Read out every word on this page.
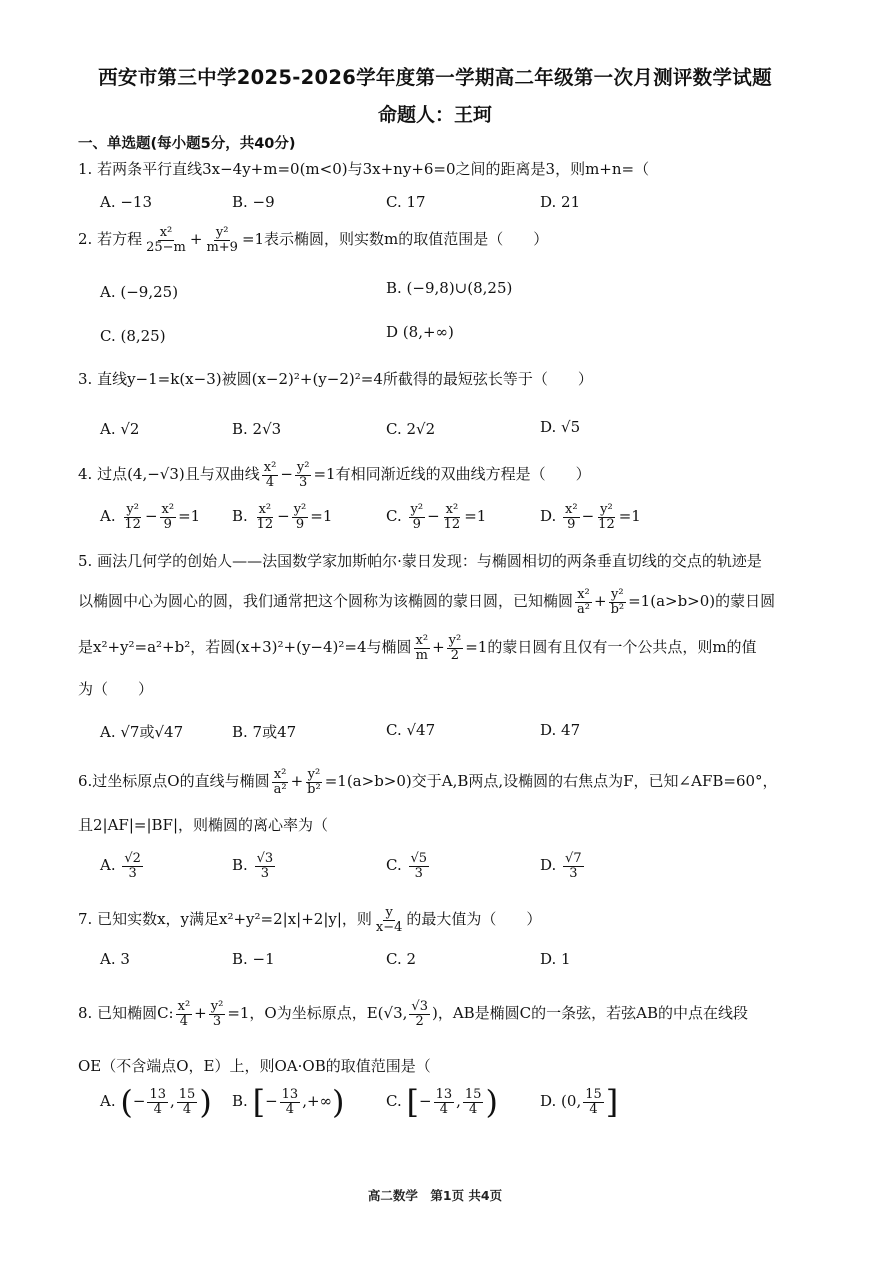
西安市第三中学2025-2026学年度第一学期高二年级第一次月测评数学试题
命题人：王珂
一、单选题(每小题5分，共40分)
1. 若两条平行直线3x−4y+m=0(m<0)与3x+ny+6=0之间的距离是3，则m+n=（
A. −13	B. −9	C. 17	D. 21
2. 若方程 $\frac{\text{x²}}{25-m} + \frac{\text{y²}}{m+9} =1$表示椭圆，则实数m的取值范围是（　　）
A. (−9,25)	B. (−9,8)∪(8,25)
C. (8,25)	D (8,+∞)
3. 直线y−1=k(x−3)被圆(x−2)²+(y−2)²=4所截得的最短弦长等于（　　）
A. √2	B. 2√3	C. 2√2	D. √5
4. 过点(4,−√3)且与双曲线 $\frac{\text{x²}}{4} - \frac{\text{y²}}{3} =1$有相同渐近线的双曲线方程是（　　）
A. $\frac{\text{y²}}{12} - \frac{\text{x²}}{9} =1$ B. $\frac{\text{x²}}{12} - \frac{\text{y²}}{9} =1$	C. $\frac{\text{y²}}{9} - \frac{\text{x²}}{12} =1$	D. $\frac{\text{x²}}{9} - \frac{\text{y²}}{12} =1$
5. 画法几何学的创始人——法国数学家加斯帕尔·蒙日发现：与椭圆相切的两条垂直切线的交点的轨迹是
以椭圆中心为圆心的圆，我们通常把这个圆称为该椭圆的蒙日圆，已知椭圆 $\frac{\text{x²}}{\text{a²}} + \frac{\text{y²}}{\text{b²}} =1(a>b>0)$的蒙日圆
是x²+y²=a²+b²，若圆(x+3)²+(y−4)²=4与椭圆 $\frac{\text{x²}}{m} + \frac{\text{y²}}{2} =1$的蒙日圆有且仅有一个公共点，则m的值
为（　　）
A. √7或√47	B. 7或47	C. √47	D. 47
6.过坐标原点O的直线与椭圆 $\frac{\text{x²}}{\text{a²}} + \frac{\text{y²}}{\text{b²}} =1(a>b>0)$交于A,B两点,设椭圆的右焦点为F，已知∠AFB=60°，
且2|AF|=|BF|，则椭圆的离心率为（
A. $\frac{√2}{3}$	B. $\frac{√3}{3}$	C. $\frac{√5}{3}$	D. $\frac{√7}{3}$
7. 已知实数x，y满足x²+y²=2|x|+2|y|，则 $\frac{y}{x-4}$ 的最大值为（　　）
A. 3	B. −1	C. 2	D. 1
8. 已知椭圆C: $\frac{\text{x²}}{4} + \frac{\text{y²}}{3} =1$，O为坐标原点，E(√3, $\frac{√3}{2}$ )，AB是椭圆C的一条弦，若弦AB的中点在线段
OE（不含端点O，E）上，则OA·OB的取值范围是（
A. (− $\frac{13}{4}$ , $\frac{15}{4}$ ) B. [− $\frac{13}{4}$ ,+∞)	C. [− $\frac{13}{4}$ , $\frac{15}{4}$ )	D. (0, $\frac{15}{4}$ ]
高二数学　第1页 共4页
